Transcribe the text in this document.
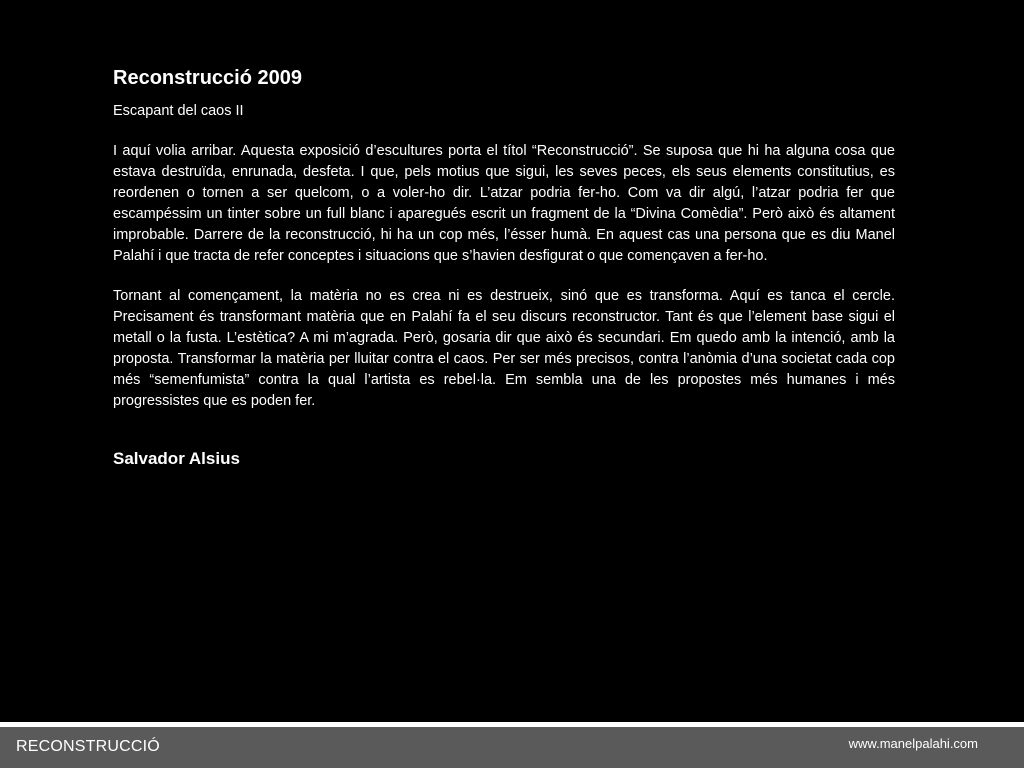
Reconstrucció 2009

Escapant del caos II

I aquí volia arribar. Aquesta exposició d’escultures porta el títol “Reconstrucció”. Se suposa que hi ha alguna cosa que estava destruïda, enrunada, desfeta. I que, pels motius que sigui, les seves peces, els seus elements constitutius, es reordenen o tornen a ser quelcom, o a voler-ho dir. L’atzar podria fer-ho. Com va dir algú, l’atzar podria fer que escampéssim un tinter sobre un full blanc i aparegués escrit un fragment de la “Divina Comèdia”. Però això és altament improbable. Darrere de la reconstrucció, hi ha un cop més, l’ésser humà. En aquest cas una persona que es diu Manel Palahí i que tracta de refer conceptes i situacions que s’havien desfigurat o que començaven a fer-ho.

Tornant al començament, la matèria no es crea ni es destrueix, sinó que es transforma. Aquí es tanca el cercle. Precisament és transformant matèria que en Palahí fa el seu discurs reconstructor. Tant és que l’element base sigui el metall o la fusta. L’estètica? A mi m’agrada. Però, gosaria dir que això és secundari. Em quedo amb la intenció, amb la proposta. Transformar la matèria per lluitar contra el caos. Per ser més precisos, contra l’anòmia d’una societat cada cop més “semenfumista” contra la qual l’artista es rebel·la. Em sembla una de les propostes més humanes i més progressistes que es poden fer.

Salvador Alsius
RECONSTRUCCIÓ	www.manelpalahi.com
